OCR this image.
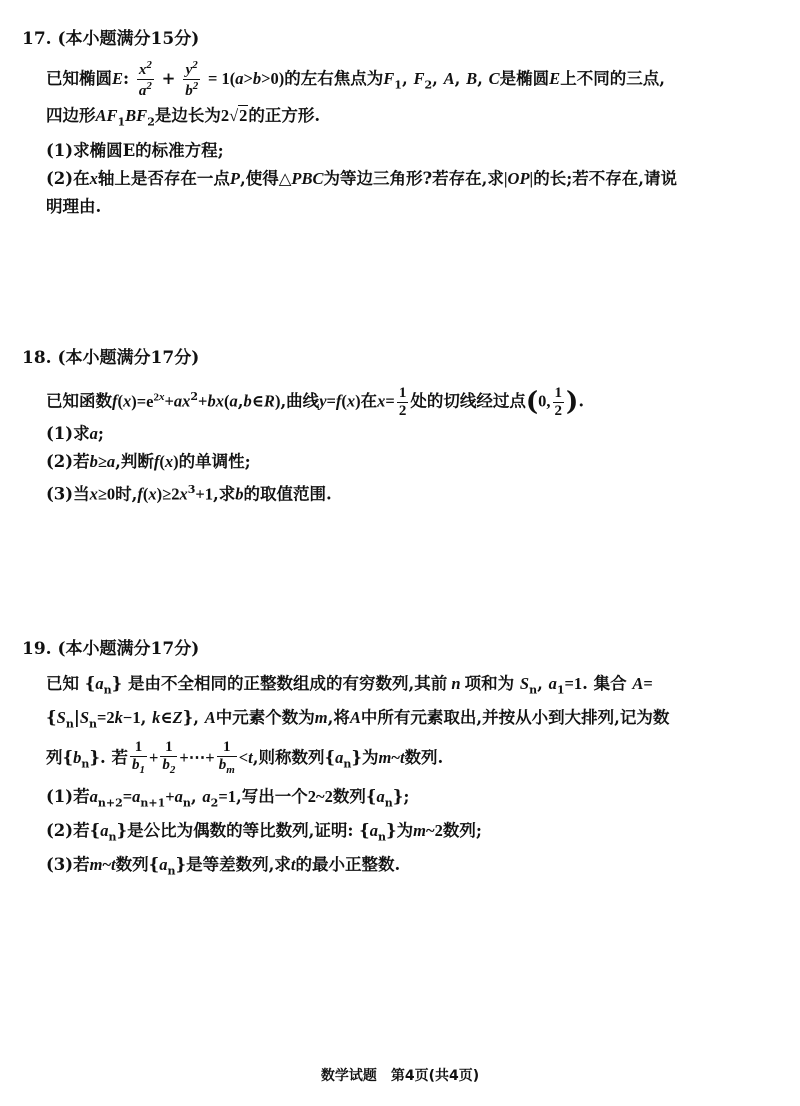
17. (本小题满分15分)
已知椭圆E: $\frac{x^2}{a^2} + \frac{y^2}{b^2} = 1(a>b>0)$的左右焦点为$F_1$, $F_2$, A, B, C是椭圆E上不同的三点,
四边形$AF_1BF_2$是边长为2√2的正方形.
(1)求椭圆E的标准方程;
(2)在x轴上是否存在一点P,使得△PBC为等边三角形?若存在,求|OP|的长;若不存在,请说
明理由.
18. (本小题满分17分)
已知函数$f(x)=e^{2x}+ax^2+bx(a,b\in R)$,曲线y=f(x)在$x= \frac{1}{2}$ 处的切线经过点(0, $\frac{1}{2}$ ).
(1)求a;
(2)若b≥a,判断f(x)的单调性;
(3)当x≥0时$,f(x)\ge 2x^3+1$,求b的取值范围.
19. (本小题满分17分)
已知 $\{a_n\}$ 是由不全相同的正整数组成的有穷数列,其前 n 项和为 $S_n$, $a_1=1$. 集合 A=
{$S_n|S_n=2k-1$, k∈Z}, A中元素个数为m,将A中所有元素取出,并按从小到大排列,记为数
列$\{b_n\}$. 若 $\frac{1}{b_1} + \frac{1}{b_2}$ +⋯+ $\frac{1}{b_m} <t$,则称数列$\{a_n\}$为m~t数列.
(1)若$a_{n+2}=a_{n+1}+a_n$, $a_2=1$,写出一个2~2数列$\{a_n\}$;
(2)若$\{a_n\}$是公比为偶数的等比数列,证明: $\{a_n\}$为m~2数列;
(3)若m~t数列$\{a_n\}$是等差数列,求t的最小正整数.
数学试题　第4页(共4页)
